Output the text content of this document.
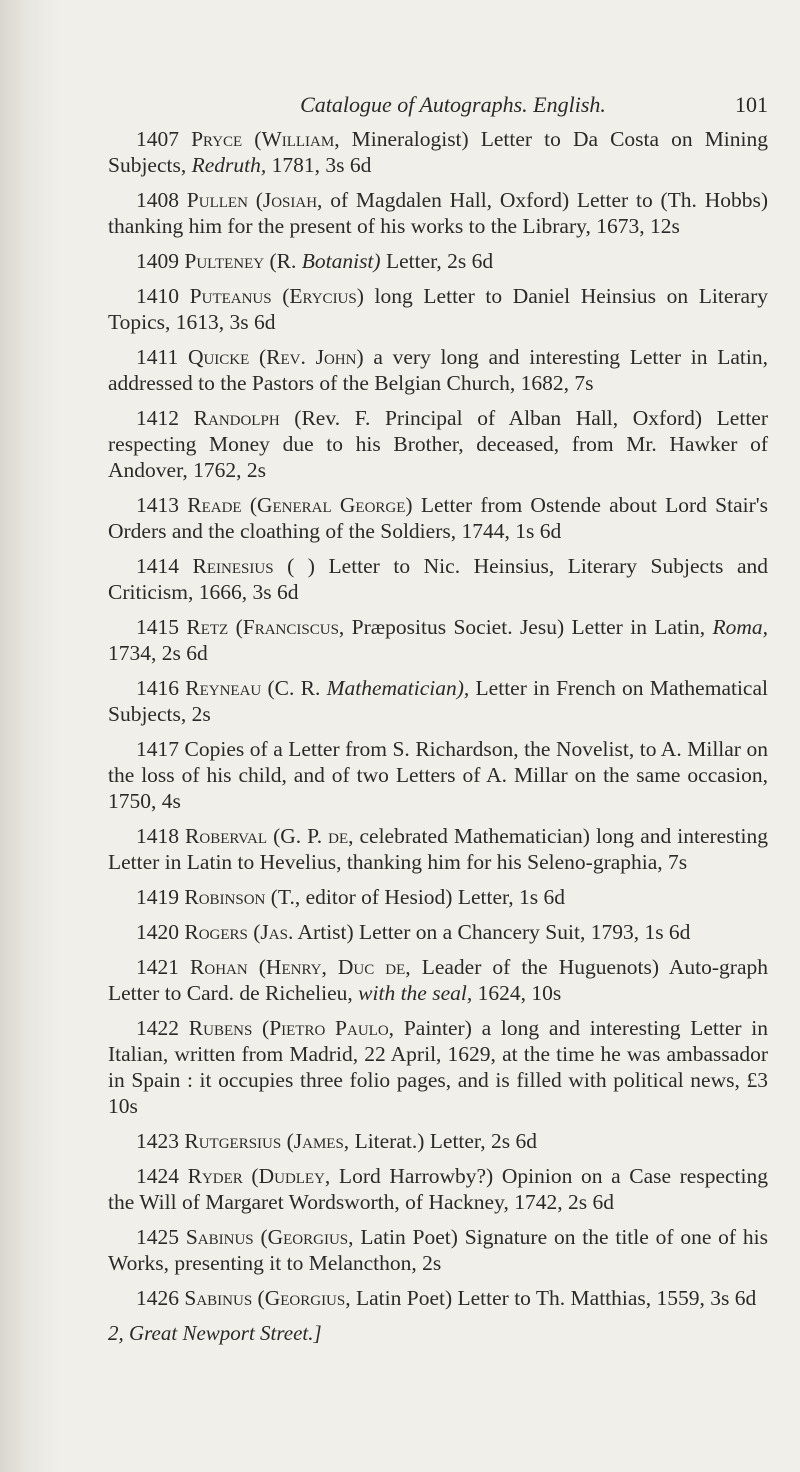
Catalogue of Autographs. English.	101

1407 Pryce (William, Mineralogist) Letter to Da Costa on Mining Subjects, Redruth, 1781, 3s 6d

1408 Pullen (Josiah, of Magdalen Hall, Oxford) Letter to (Th. Hobbs) thanking him for the present of his works to the Library, 1673, 12s

1409 Pulteney (R. Botanist) Letter, 2s 6d

1410 Puteanus (Erycius) long Letter to Daniel Heinsius on Literary Topics, 1613, 3s 6d

1411 Quicke (Rev. John) a very long and interesting Letter in Latin, addressed to the Pastors of the Belgian Church, 1682, 7s

1412 Randolph (Rev. F. Principal of Alban Hall, Oxford) Letter respecting Money due to his Brother, deceased, from Mr. Hawker of Andover, 1762, 2s

1413 Reade (General George) Letter from Ostende about Lord Stair's Orders and the cloathing of the Soldiers, 1744, 1s 6d

1414 Reinesius ( ) Letter to Nic. Heinsius, Literary Subjects and Criticism, 1666, 3s 6d

1415 Retz (Franciscus, Præpositus Societ. Jesu) Letter in Latin, Roma, 1734, 2s 6d

1416 Reyneau (C. R. Mathematician), Letter in French on Mathematical Subjects, 2s

1417 Copies of a Letter from S. Richardson, the Novelist, to A. Millar on the loss of his child, and of two Letters of A. Millar on the same occasion, 1750, 4s

1418 Roberval (G. P. de, celebrated Mathematician) long and interesting Letter in Latin to Hevelius, thanking him for his Seleno-graphia, 7s

1419 Robinson (T., editor of Hesiod) Letter, 1s 6d

1420 Rogers (Jas. Artist) Letter on a Chancery Suit, 1793, 1s 6d

1421 Rohan (Henry, Duc de, Leader of the Huguenots) Auto-graph Letter to Card. de Richelieu, with the seal, 1624, 10s

1422 Rubens (Pietro Paulo, Painter) a long and interesting Letter in Italian, written from Madrid, 22 April, 1629, at the time he was ambassador in Spain : it occupies three folio pages, and is filled with political news, £3 10s

1423 Rutgersius (James, Literat.) Letter, 2s 6d

1424 Ryder (Dudley, Lord Harrowby?) Opinion on a Case respecting the Will of Margaret Wordsworth, of Hackney, 1742, 2s 6d

1425 Sabinus (Georgius, Latin Poet) Signature on the title of one of his Works, presenting it to Melancthon, 2s

1426 Sabinus (Georgius, Latin Poet) Letter to Th. Matthias, 1559, 3s 6d

2, Great Newport Street.]
